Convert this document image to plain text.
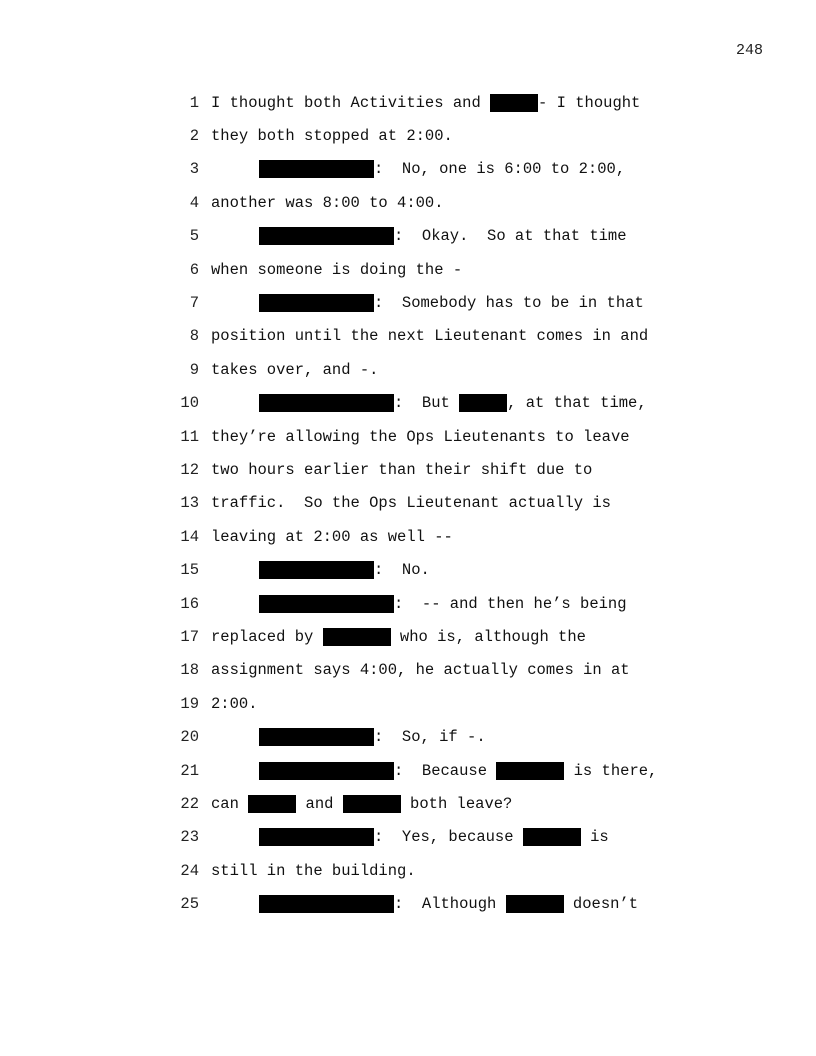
248
1 I thought both Activities and	- I thought
2 they both stopped at 2:00.
3	:  No, one is 6:00 to 2:00,
4 another was 8:00 to 4:00.
5	:  Okay.  So at that time
6 when someone is doing the -
7	:  Somebody has to be in that
8 position until the next Lieutenant comes in and
9 takes over, and -.
10	:  But	, at that time,
11 they’re allowing the Ops Lieutenants to leave
12 two hours earlier than their shift due to
13 traffic.  So the Ops Lieutenant actually is
14 leaving at 2:00 as well --
15	:  No.
16	:  -- and then he’s being
17 replaced by	who is, although the
18 assignment says 4:00, he actually comes in at
19 2:00.
20	:  So, if -.
21	:  Because	is there,
22 can	and	both leave?
23	:  Yes, because	is
24 still in the building.
25	:  Although	doesn’t
